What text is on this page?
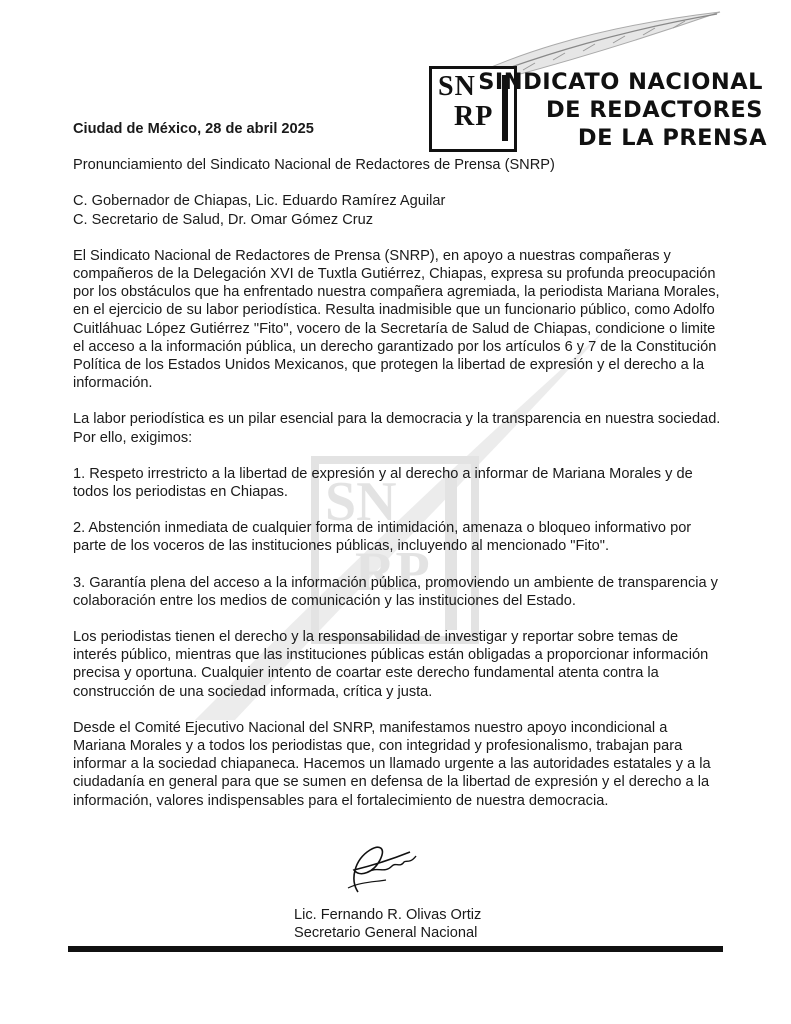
SN
RP
SN
RP
SINDICATO NACIONAL
DE REDACTORES
DE LA PRENSA

Ciudad de México, 28 de abril 2025

Pronunciamiento del Sindicato Nacional de Redactores de Prensa (SNRP)

C. Gobernador de Chiapas, Lic. Eduardo Ramírez Aguilar
C. Secretario de Salud, Dr. Omar Gómez Cruz

El Sindicato Nacional de Redactores de Prensa (SNRP), en apoyo a nuestras compañeras y compañeros de la Delegación XVI de Tuxtla Gutiérrez, Chiapas, expresa su profunda preocupación por los obstáculos que ha enfrentado nuestra compañera agremiada, la periodista Mariana Morales, en el ejercicio de su labor periodística. Resulta inadmisible que un funcionario público, como Adolfo Cuitláhuac López Gutiérrez "Fito", vocero de la Secretaría de Salud de Chiapas, condicione o limite el acceso a la información pública, un derecho garantizado por los artículos 6 y 7 de la Constitución Política de los Estados Unidos Mexicanos, que protegen la libertad de expresión y el derecho a la información.

La labor periodística es un pilar esencial para la democracia y la transparencia en nuestra sociedad. Por ello, exigimos:

1. Respeto irrestricto a la libertad de expresión y al derecho a informar de Mariana Morales y de todos los periodistas en Chiapas.

2. Abstención inmediata de cualquier forma de intimidación, amenaza o bloqueo informativo por parte de los voceros de las instituciones públicas, incluyendo al mencionado "Fito".

3. Garantía plena del acceso a la información pública, promoviendo un ambiente de transparencia y colaboración entre los medios de comunicación y las instituciones del Estado.

Los periodistas tienen el derecho y la responsabilidad de investigar y reportar sobre temas de interés público, mientras que las instituciones públicas están obligadas a proporcionar información precisa y oportuna. Cualquier intento de coartar este derecho fundamental atenta contra la construcción de una sociedad informada, crítica y justa.

Desde el Comité Ejecutivo Nacional del SNRP, manifestamos nuestro apoyo incondicional a Mariana Morales y a todos los periodistas que, con integridad y profesionalismo, trabajan para informar a la sociedad chiapaneca. Hacemos un llamado urgente a las autoridades estatales y a la ciudadanía en general para que se sumen en defensa de la libertad de expresión y el derecho a la información, valores indispensables para el fortalecimiento de nuestra democracia.

Lic. Fernando R. Olivas Ortiz
Secretario General Nacional
